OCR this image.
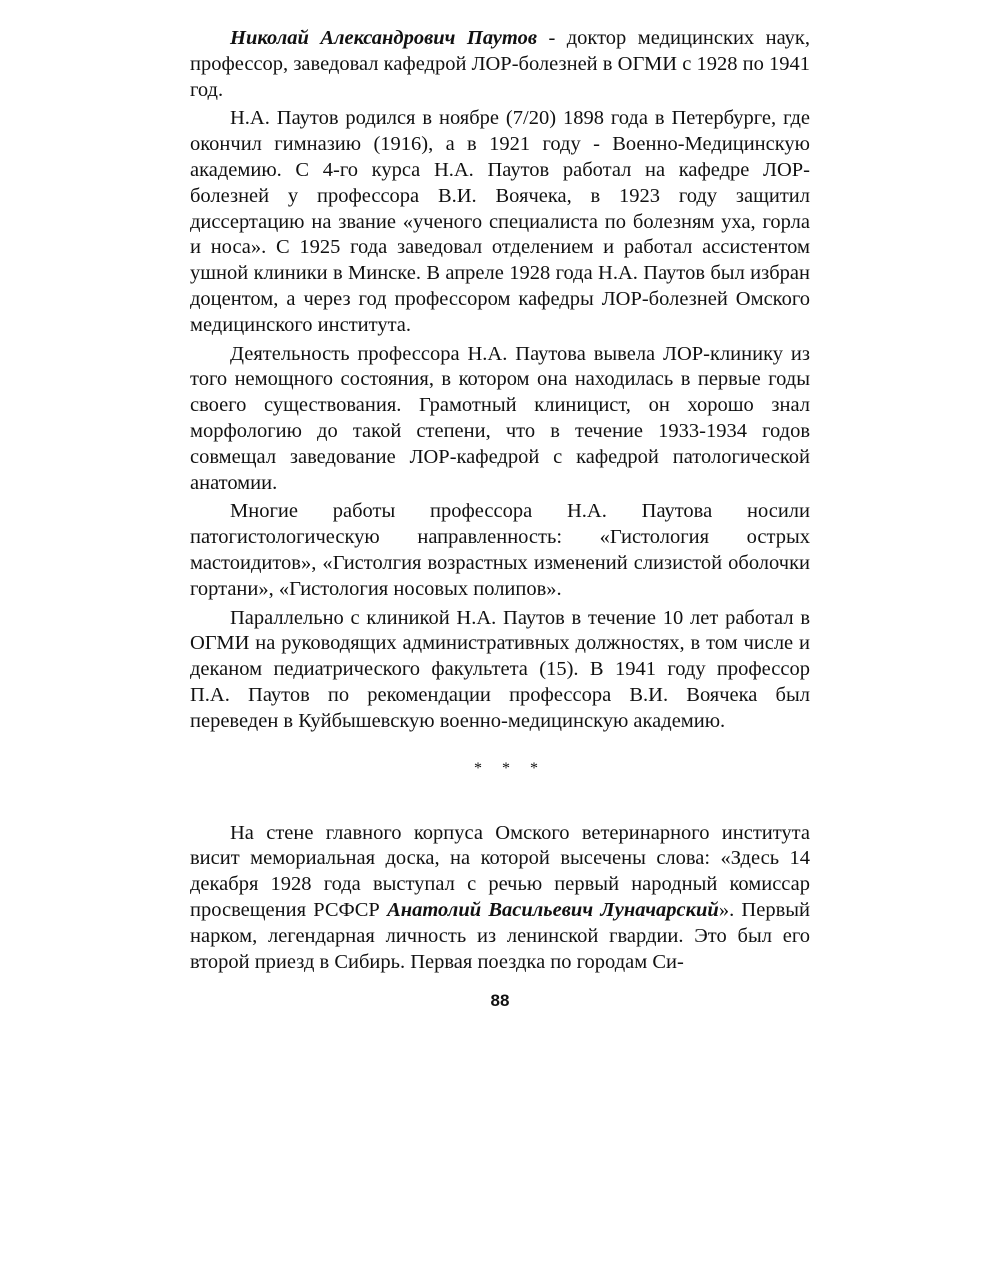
Николай Александрович Паутов - доктор медицинских наук, профессор, заведовал кафедрой ЛОР-болезней в ОГМИ с 1928 по 1941 год.

Н.А. Паутов родился в ноябре (7/20) 1898 года в Петербурге, где окончил гимназию (1916), а в 1921 году - Военно-Медицинскую академию. С 4-го курса Н.А. Паутов работал на кафедре ЛОР-болезней у профессора В.И. Воячека, в 1923 году защитил диссертацию на звание «ученого специалиста по болезням уха, горла и носа». С 1925 года заведовал отделением и работал ассистентом ушной клиники в Минске. В апреле 1928 года Н.А. Паутов был избран доцентом, а через год профессором кафедры ЛОР-болезней Омского медицинского института.

Деятельность профессора Н.А. Паутова вывела ЛОР-клинику из того немощного состояния, в котором она находилась в первые годы своего существования. Грамотный клиницист, он хорошо знал морфологию до такой степени, что в течение 1933-1934 годов совмещал заведование ЛОР-кафедрой с кафедрой патологической анатомии.

Многие работы профессора Н.А. Паутова носили патогистологическую направленность: «Гистология острых мастоидитов», «Гистолгия возрастных изменений слизистой оболочки гортани», «Гистология носовых полипов».

Параллельно с клиникой Н.А. Паутов в течение 10 лет работал в ОГМИ на руководящих административных должностях, в том числе и деканом педиатрического факультета (15). В 1941 году профессор П.А. Паутов по рекомендации профессора В.И. Воячека был переведен в Куйбышевскую военно-медицинскую академию.

* * *

На стене главного корпуса Омского ветеринарного института висит мемориальная доска, на которой высечены слова: «Здесь 14 декабря 1928 года выступал с речью первый народный комиссар просвещения РСФСР Анатолий Васильевич Луначарский». Первый нарком, легендарная личность из ленинской гвардии. Это был его второй приезд в Сибирь. Первая поездка по городам Си-

88
